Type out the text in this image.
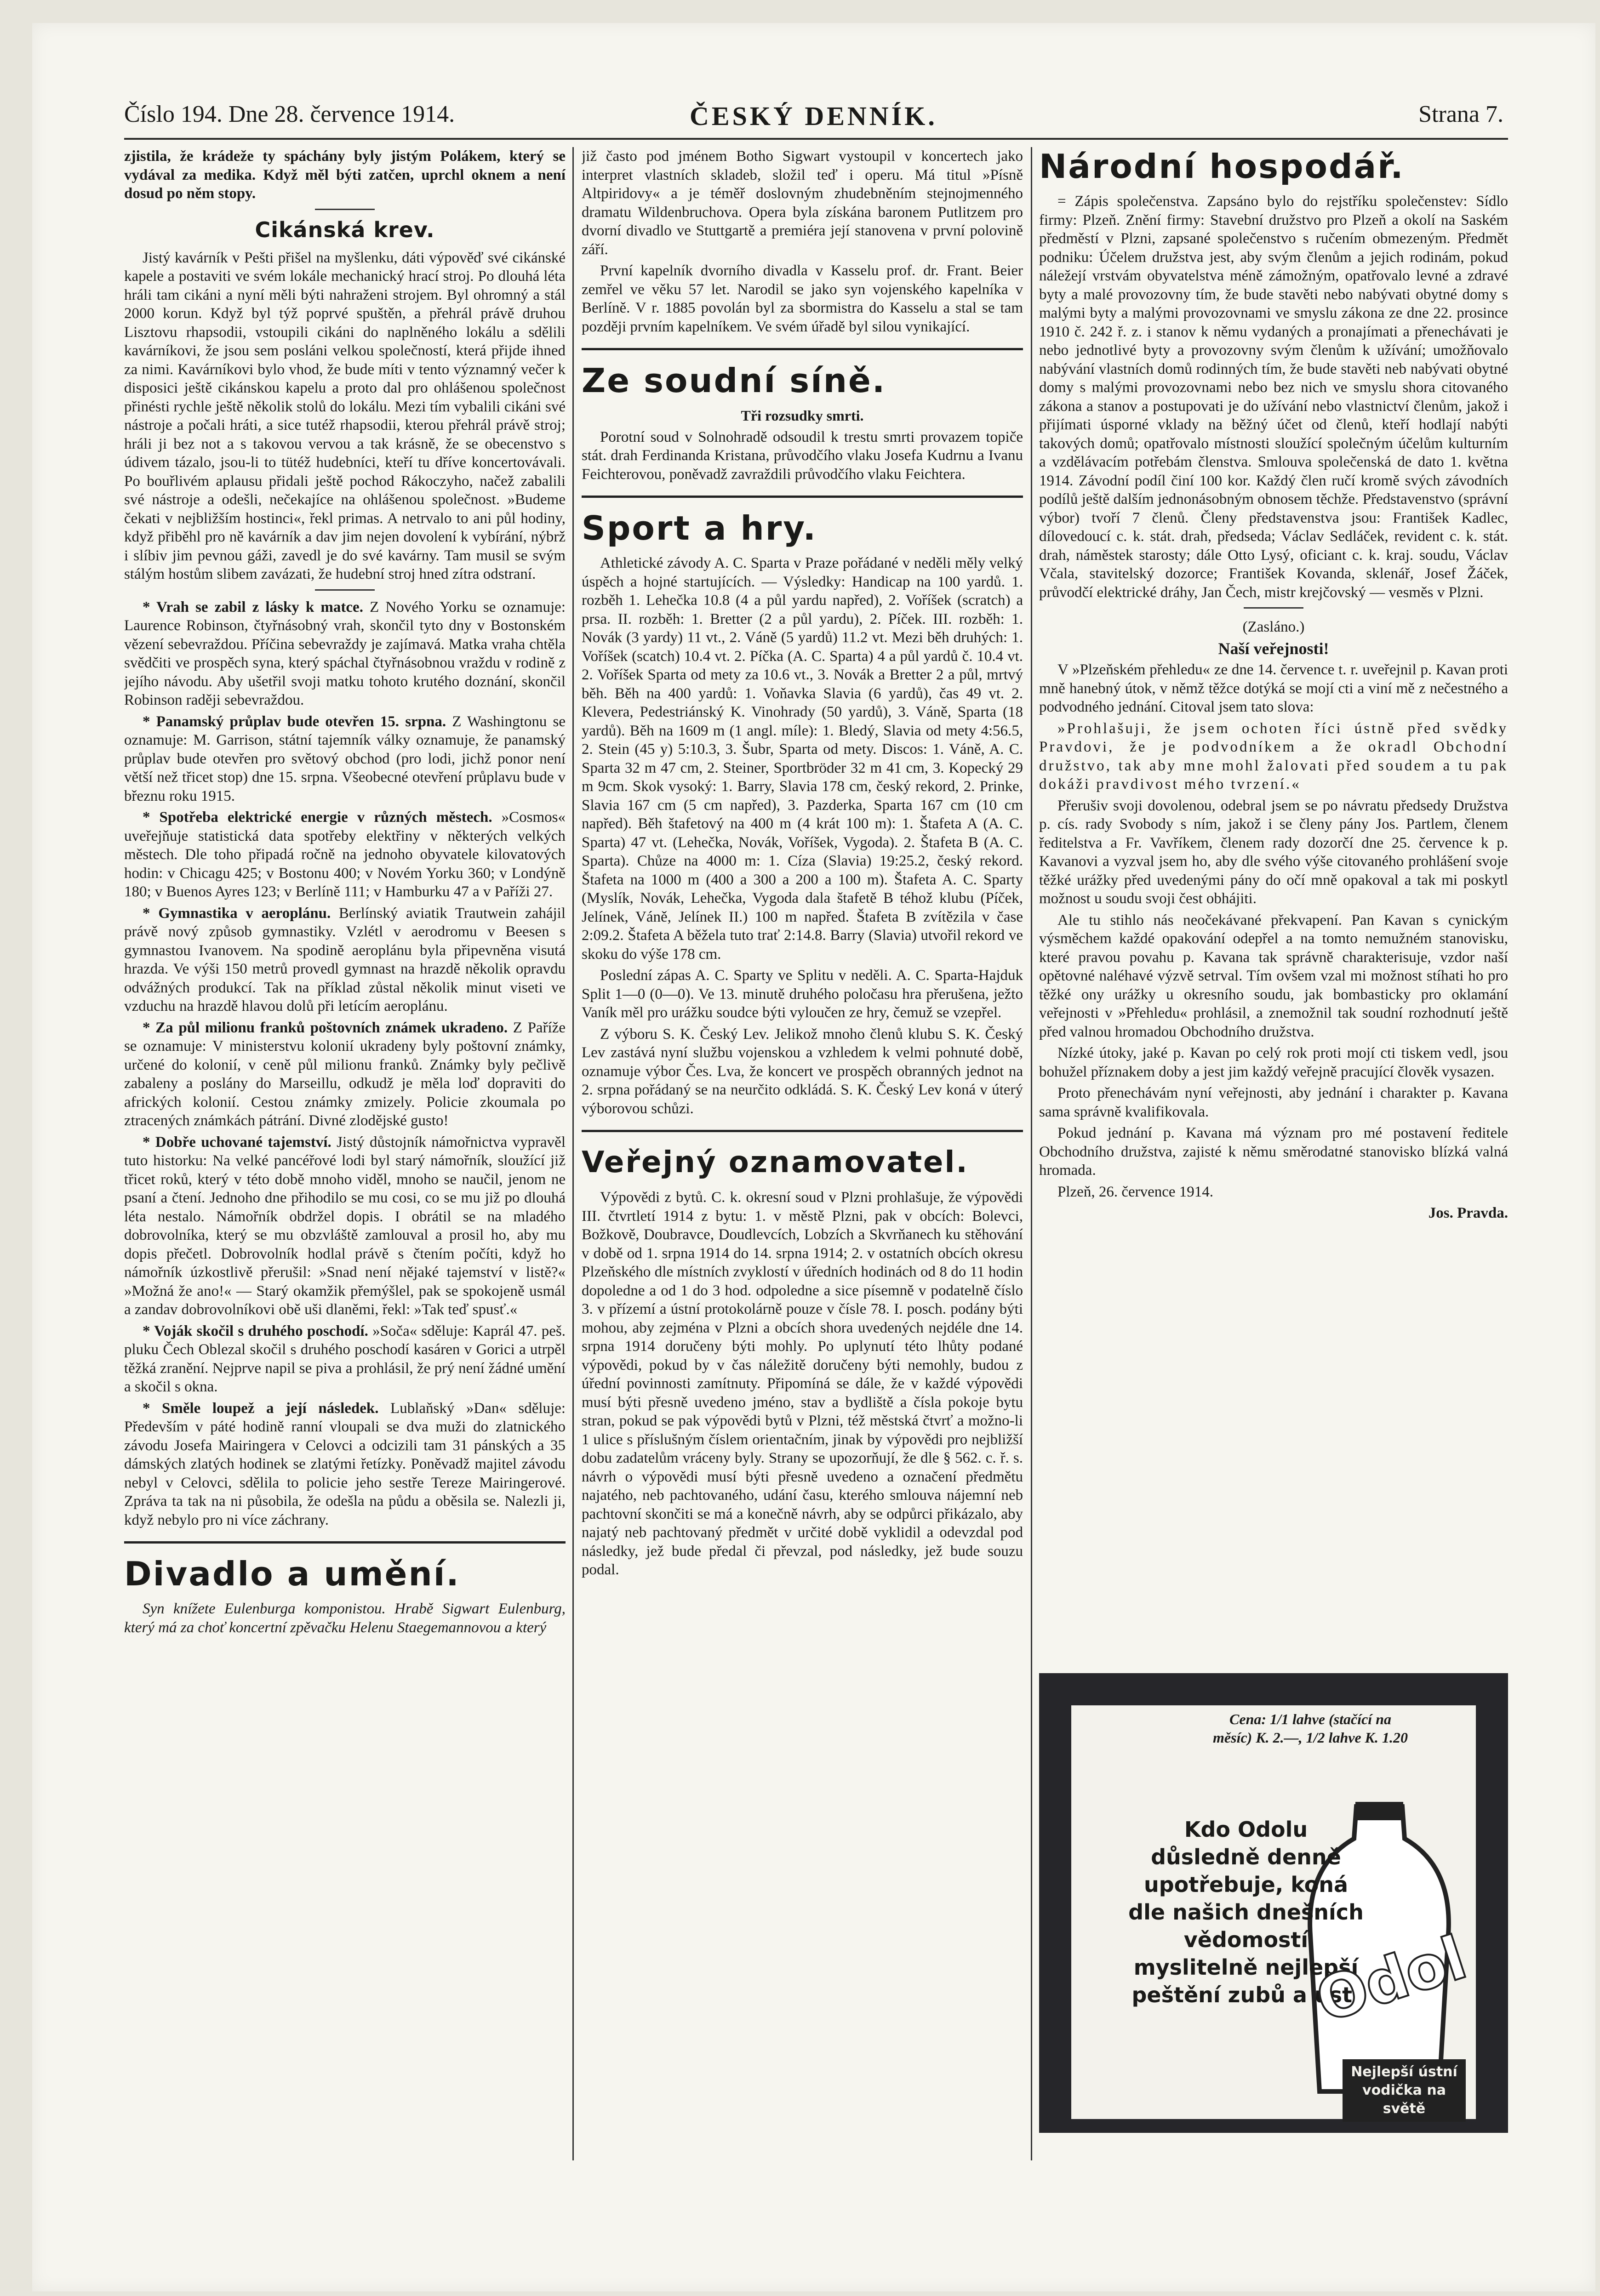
Číslo 194. Dne 28. července 1914.	ČESKÝ DENNÍK.	Strana 7.

zjistila, že krádeže ty spáchány byly jistým Polákem, který se vydával za medika. Když měl býti zatčen, uprchl oknem a není dosud po něm stopy.

Cikánská krev.

Jistý kavárník v Pešti přišel na myšlenku, dáti výpověď své cikánské kapele a postaviti ve svém lokále mechanický hrací stroj. Po dlouhá léta hráli tam cikáni a nyní měli býti nahraženi strojem. Byl ohromný a stál 2000 korun. Když byl týž poprvé spuštěn, a přehrál právě druhou Lisztovu rhapsodii, vstoupili cikáni do naplněného lokálu a sdělili kavárníkovi, že jsou sem posláni velkou společností, která přijde ihned za nimi. Kavárníkovi bylo vhod, že bude míti v tento významný večer k disposici ještě cikánskou kapelu a proto dal pro ohlášenou společnost přinésti rychle ještě několik stolů do lokálu. Mezi tím vybalili cikáni své nástroje a počali hráti, a sice tutéž rhapsodii, kterou přehrál právě stroj; hráli ji bez not a s takovou vervou a tak krásně, že se obecenstvo s údivem tázalo, jsou-li to tütéž hudebníci, kteří tu dříve koncertovávali. Po bouřlivém aplausu přidali ještě pochod Rákoczyho, načež zabalili své nástroje a odešli, nečekajíce na ohlášenou společnost. »Budeme čekati v nejbližším hostinci«, řekl primas. A netrvalo to ani půl hodiny, když přiběhl pro ně kavárník a dav jim nejen dovolení k vybírání, nýbrž i slíbiv jim pevnou gáži, zavedl je do své kavárny. Tam musil se svým stálým hostům slibem zavázati, že hudební stroj hned zítra odstraní.

* Vrah se zabil z lásky k matce. Z Nového Yorku se oznamuje: Laurence Robinson, čtyřnásobný vrah, skončil tyto dny v Bostonském vězení sebevraždou. Příčina sebevraždy je zajímavá. Matka vraha chtěla svědčiti ve prospěch syna, který spáchal čtyřnásobnou vraždu v rodině z jejího návodu. Aby ušetřil svoji matku tohoto krutého doznání, skončil Robinson raději sebevraždou.

* Panamský průplav bude otevřen 15. srpna. Z Washingtonu se oznamuje: M. Garrison, státní tajemník války oznamuje, že panamský průplav bude otevřen pro světový obchod (pro lodi, jichž ponor není větší než třicet stop) dne 15. srpna. Všeobecné otevření průplavu bude v březnu roku 1915.

* Spotřeba elektrické energie v různých městech. »Cosmos« uveřejňuje statistická data spotřeby elektřiny v některých velkých městech. Dle toho připadá ročně na jednoho obyvatele kilovatových hodin: v Chicagu 425; v Bostonu 400; v Novém Yorku 360; v Londýně 180; v Buenos Ayres 123; v Berlíně 111; v Hamburku 47 a v Paříži 27.

* Gymnastika v aeroplánu. Berlínský aviatik Trautwein zahájil právě nový způsob gymnastiky. Vzlétl v aerodromu v Beesen s gymnastou Ivanovem. Na spodině aeroplánu byla připevněna visutá hrazda. Ve výši 150 metrů provedl gymnast na hrazdě několik opravdu odvážných produkcí. Tak na příklad zůstal několik minut viseti ve vzduchu na hrazdě hlavou dolů při letícím aeroplánu.

* Za půl milionu franků poštovních známek ukradeno. Z Paříže se oznamuje: V ministerstvu kolonií ukradeny byly poštovní známky, určené do kolonií, v ceně půl milionu franků. Známky byly pečlivě zabaleny a poslány do Marseillu, odkudž je měla loď dopraviti do afrických kolonií. Cestou známky zmizely. Policie zkoumala po ztracených známkách pátrání. Divné zlodějské gusto!

* Dobře uchované tajemství. Jistý důstojník námořnictva vypravěl tuto historku: Na velké pancéřové lodi byl starý námořník, sloužící již třicet roků, který v této době mnoho viděl, mnoho se naučil, jenom ne psaní a čtení. Jednoho dne přihodilo se mu cosi, co se mu již po dlouhá léta nestalo. Námořník obdržel dopis. I obrátil se na mladého dobrovolníka, který se mu obzvláště zamlouval a prosil ho, aby mu dopis přečetl. Dobrovolník hodlal právě s čtením počíti, když ho námořník úzkostlivě přerušil: »Snad není nějaké tajemství v listě?« »Možná že ano!« — Starý okamžik přemýšlel, pak se spokojeně usmál a zandav dobrovolníkovi obě uši dlaněmi, řekl: »Tak teď spusť.«

* Voják skočil s druhého poschodí. »Soča« sděluje: Kaprál 47. peš. pluku Čech Oblezal skočil s druhého poschodí kasáren v Gorici a utrpěl těžká zranění. Nejprve napil se piva a prohlásil, že prý není žádné umění a skočil s okna.

* Směle loupež a její následek. Lublaňský »Dan« sděluje: Především v páté hodině ranní vloupali se dva muži do zlatnického závodu Josefa Mairingera v Celovci a odcizili tam 31 pánských a 35 dámských zlatých hodinek se zlatými řetízky. Poněvadž majitel závodu nebyl v Celovci, sdělila to policie jeho sestře Tereze Mairingerové. Zpráva ta tak na ni působila, že odešla na půdu a oběsila se. Nalezli ji, když nebylo pro ni více záchrany.

Divadlo a umění.

Syn knížete Eulenburga komponistou. Hrabě Sigwart Eulenburg, který má za choť koncertní zpěvačku Helenu Staegemannovou a který

již často pod jménem Botho Sigwart vystoupil v koncertech jako interpret vlastních skladeb, složil teď i operu. Má titul »Písně Altpiridovy« a je téměř doslovným zhudebněním stejnojmenného dramatu Wildenbruchova. Opera byla získána baronem Putlitzem pro dvorní divadlo ve Stuttgartě a premiéra její stanovena v první polovině září.

První kapelník dvorního divadla v Kasselu prof. dr. Frant. Beier zemřel ve věku 57 let. Narodil se jako syn vojenského kapelníka v Berlíně. V r. 1885 povolán byl za sbormistra do Kasselu a stal se tam později prvním kapelníkem. Ve svém úřadě byl silou vynikající.

Ze soudní síně.

Tři rozsudky smrti.

Porotní soud v Solnohradě odsoudil k trestu smrti provazem topiče stát. drah Ferdinanda Kristana, průvodčího vlaku Josefa Kudrnu a Ivanu Feichterovou, poněvadž zavraždili průvodčího vlaku Feichtera.

Sport a hry.

Athletické závody A. C. Sparta v Praze pořádané v neděli měly velký úspěch a hojné startujících. — Výsledky: Handicap na 100 yardů. 1. rozběh 1. Lehečka 10.8 (4 a půl yardu napřed), 2. Voříšek (scratch) a prsa. II. rozběh: 1. Bretter (2 a půl yardu), 2. Píček. III. rozběh: 1. Novák (3 yardy) 11 vt., 2. Váně (5 yardů) 11.2 vt. Mezi běh druhých: 1. Voříšek (scatch) 10.4 vt. 2. Píčka (A. C. Sparta) 4 a půl yardů č. 10.4 vt. 2. Voříšek Sparta od mety za 10.6 vt., 3. Novák a Bretter 2 a půl, mrtvý běh. Běh na 400 yardů: 1. Voňavka Slavia (6 yardů), čas 49 vt. 2. Klevera, Pedestriánský K. Vinohrady (50 yardů), 3. Váně, Sparta (18 yardů). Běh na 1609 m (1 angl. míle): 1. Bledý, Slavia od mety 4:56.5, 2. Stein (45 y) 5:10.3, 3. Šubr, Sparta od mety. Discos: 1. Váně, A. C. Sparta 32 m 47 cm, 2. Steiner, Sportbröder 32 m 41 cm, 3. Kopecký 29 m 9cm. Skok vysoký: 1. Barry, Slavia 178 cm, český rekord, 2. Prinke, Slavia 167 cm (5 cm napřed), 3. Pazderka, Sparta 167 cm (10 cm napřed). Běh štafetový na 400 m (4 krát 100 m): 1. Štafeta A (A. C. Sparta) 47 vt. (Lehečka, Novák, Voříšek, Vygoda). 2. Štafeta B (A. C. Sparta). Chůze na 4000 m: 1. Cíza (Slavia) 19:25.2, český rekord. Štafeta na 1000 m (400 a 300 a 200 a 100 m). Štafeta A. C. Sparty (Myslík, Novák, Lehečka, Vygoda dala štafetě B téhož klubu (Píček, Jelínek, Váně, Jelínek II.) 100 m napřed. Štafeta B zvítězila v čase 2:09.2. Štafeta A běžela tuto trať 2:14.8. Barry (Slavia) utvořil rekord ve skoku do výše 178 cm.

Poslední zápas A. C. Sparty ve Splitu v neděli. A. C. Sparta-Hajduk Split 1—0 (0—0). Ve 13. minutě druhého poločasu hra přerušena, ježto Vaník měl pro urážku soudce býti vyloučen ze hry, čemuž se vzepřel.

Z výboru S. K. Český Lev. Jelikož mnoho členů klubu S. K. Český Lev zastává nyní službu vojenskou a vzhledem k velmi pohnuté době, oznamuje výbor Čes. Lva, že koncert ve prospěch obranných jednot na 2. srpna pořádaný se na neurčito odkládá. S. K. Český Lev koná v úterý výborovou schůzi.

Veřejný oznamovatel.

Výpovědi z bytů. C. k. okresní soud v Plzni prohlašuje, že výpovědi III. čtvrtletí 1914 z bytu: 1. v městě Plzni, pak v obcích: Bolevci, Božkově, Doubravce, Doudlevcích, Lobzích a Skvrňanech ku stěhování v době od 1. srpna 1914 do 14. srpna 1914; 2. v ostatních obcích okresu Plzeňského dle místních zvyklostí v úředních hodinách od 8 do 11 hodin dopoledne a od 1 do 3 hod. odpoledne a sice písemně v podatelně číslo 3. v přízemí a ústní protokolárně pouze v čísle 78. I. posch. podány býti mohou, aby zejména v Plzni a obcích shora uvedených nejdéle dne 14. srpna 1914 doručeny býti mohly. Po uplynutí této lhůty podané výpovědi, pokud by v čas náležitě doručeny býti nemohly, budou z úřední povinnosti zamítnuty. Připomíná se dále, že v každé výpovědi musí býti přesně uvedeno jméno, stav a bydliště a čísla pokoje bytu stran, pokud se pak výpovědi bytů v Plzni, též městská čtvrť a možno-li 1 ulice s příslušným číslem orientačním, jinak by výpovědi pro nejbližší dobu zadatelům vráceny byly. Strany se upozorňují, že dle § 562. c. ř. s. návrh o výpovědi musí býti přesně uvedeno a označení předmětu najatého, neb pachtovaného, udání času, kterého smlouva nájemní neb pachtovní skončiti se má a konečně návrh, aby se odpůrci přikázalo, aby najatý neb pachtovaný předmět v určité době vyklidil a odevzdal pod následky, jež bude předal či převzal, pod následky, jež bude souzu podal.

Národní hospodář.

= Zápis společenstva. Zapsáno bylo do rejstříku společenstev: Sídlo firmy: Plzeň. Znění firmy: Stavební družstvo pro Plzeň a okolí na Saském předměstí v Plzni, zapsané společenstvo s ručením obmezeným. Předmět podniku: Účelem družstva jest, aby svým členům a jejich rodinám, pokud náležejí vrstvám obyvatelstva méně zámožným, opatřovalo levné a zdravé byty a malé provozovny tím, že bude stavěti nebo nabývati obytné domy s malými byty a malými provozovnami ve smyslu zákona ze dne 22. prosince 1910 č. 242 ř. z. i stanov k němu vydaných a pronajímati a přenechávati je nebo jednotlivé byty a provozovny svým členům k užívání; umožňovalo nabývání vlastních domů rodinných tím, že bude stavěti neb nabývati obytné domy s malými provozovnami nebo bez nich ve smyslu shora citovaného zákona a stanov a postupovati je do užívání nebo vlastnictví členům, jakož i přijímati úsporné vklady na běžný účet od členů, kteří hodlají nabýti takových domů; opatřovalo místnosti sloužící společným účelům kulturním a vzdělávacím potřebám členstva. Smlouva společenská de dato 1. května 1914. Závodní podíl činí 100 kor. Každý člen ručí kromě svých závodních podílů ještě dalším jednonásobným obnosem těchže. Představenstvo (správní výbor) tvoří 7 členů. Členy představenstva jsou: František Kadlec, dílovedoucí c. k. stát. drah, předseda; Václav Sedláček, revident c. k. stát. drah, náměstek starosty; dále Otto Lysý, oficiant c. k. kraj. soudu, Václav Včala, stavitelský dozorce; František Kovanda, sklenář, Josef Žáček, průvodčí elektrické dráhy, Jan Čech, mistr krejčovský — vesměs v Plzni.

(Zasláno.)

Naší veřejnosti!

V »Plzeňském přehledu« ze dne 14. července t. r. uveřejnil p. Kavan proti mně hanebný útok, v němž těžce dotýká se mojí cti a viní mě z nečestného a podvodného jednání. Citoval jsem tato slova:

»Prohlašuji, že jsem ochoten říci ústně před svědky Pravdovi, že je podvodníkem a že okradl Obchodní družstvo, tak aby mne mohl žalovati před soudem a tu pak dokáži pravdivost mého tvrzení.«

Přerušiv svoji dovolenou, odebral jsem se po návratu předsedy Družstva p. cís. rady Svobody s ním, jakož i se členy pány Jos. Partlem, členem ředitelstva a Fr. Vavříkem, členem rady dozorčí dne 25. července k p. Kavanovi a vyzval jsem ho, aby dle svého výše citovaného prohlášení svoje těžké urážky před uvedenými pány do očí mně opakoval a tak mi poskytl možnost u soudu svoji čest obhájiti.

Ale tu stihlo nás neočekávané překvapení. Pan Kavan s cynickým výsměchem každé opakování odepřel a na tomto nemužném stanovisku, které pravou povahu p. Kavana tak správně charakterisuje, vzdor naší opětovné naléhavé výzvě setrval. Tím ovšem vzal mi možnost stíhati ho pro těžké ony urážky u okresního soudu, jak bombasticky pro oklamání veřejnosti v »Přehledu« prohlásil, a znemožnil tak soudní rozhodnutí ještě před valnou hromadou Obchodního družstva.

Nízké útoky, jaké p. Kavan po celý rok proti mojí cti tiskem vedl, jsou bohužel příznakem doby a jest jim každý veřejně pracující člověk vysazen.

Proto přenechávám nyní veřejnosti, aby jednání i charakter p. Kavana sama správně kvalifikovala.

Pokud jednání p. Kavana má význam pro mé postavení ředitele Obchodního družstva, zajisté k němu směrodatné stanovisko blízká valná hromada.

Plzeň, 26. července 1914.

Jos. Pravda.

Cena: 1/1 lahve (stačící na měsíc) K. 2.—, 1/2 lahve K. 1.20
Kdo Odolu důsledně denně upotřebuje, koná dle našich dnešních vědomostí myslitelně nejlepší peštění zubů a úst.
Odol
Nejlepší ústní vodička na světě
